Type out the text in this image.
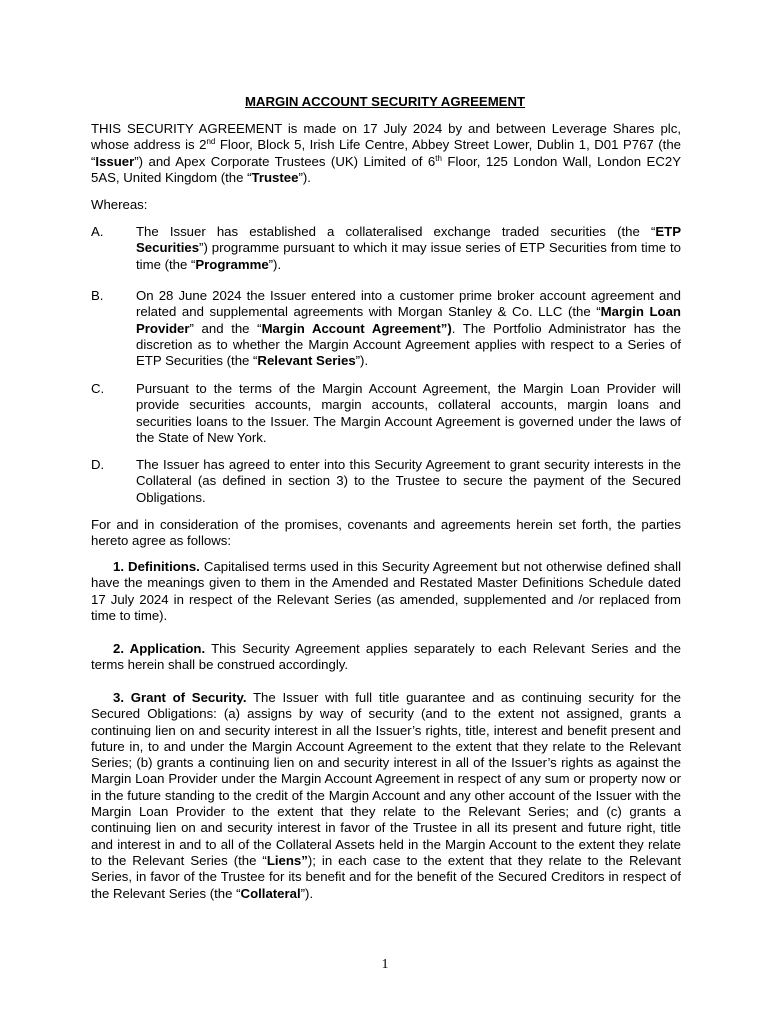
MARGIN ACCOUNT SECURITY AGREEMENT
THIS SECURITY AGREEMENT is made on 17 July 2024 by and between Leverage Shares plc, whose address is 2nd Floor, Block 5, Irish Life Centre, Abbey Street Lower, Dublin 1, D01 P767 (the “Issuer”) and Apex Corporate Trustees (UK) Limited of 6th Floor, 125 London Wall, London EC2Y 5AS, United Kingdom (the “Trustee”).
Whereas:
A.	The Issuer has established a collateralised exchange traded securities (the “ETP Securities”) programme pursuant to which it may issue series of ETP Securities from time to time (the “Programme”).
B.	On 28 June 2024 the Issuer entered into a customer prime broker account agreement and related and supplemental agreements with Morgan Stanley & Co. LLC (the “Margin Loan Provider” and the “Margin Account Agreement”). The Portfolio Administrator has the discretion as to whether the Margin Account Agreement applies with respect to a Series of ETP Securities (the “Relevant Series”).
C.	Pursuant to the terms of the Margin Account Agreement, the Margin Loan Provider will provide securities accounts, margin accounts, collateral accounts, margin loans and securities loans to the Issuer. The Margin Account Agreement is governed under the laws of the State of New York.
D.	The Issuer has agreed to enter into this Security Agreement to grant security interests in the Collateral (as defined in section 3) to the Trustee to secure the payment of the Secured Obligations.
For and in consideration of the promises, covenants and agreements herein set forth, the parties hereto agree as follows:
1. Definitions. Capitalised terms used in this Security Agreement but not otherwise defined shall have the meanings given to them in the Amended and Restated Master Definitions Schedule dated 17 July 2024 in respect of the Relevant Series (as amended, supplemented and /or replaced from time to time).
2. Application. This Security Agreement applies separately to each Relevant Series and the terms herein shall be construed accordingly.
3. Grant of Security. The Issuer with full title guarantee and as continuing security for the Secured Obligations: (a) assigns by way of security (and to the extent not assigned, grants a continuing lien on and security interest in all the Issuer’s rights, title, interest and benefit present and future in, to and under the Margin Account Agreement to the extent that they relate to the Relevant Series; (b) grants a continuing lien on and security interest in all of the Issuer’s rights as against the Margin Loan Provider under the Margin Account Agreement in respect of any sum or property now or in the future standing to the credit of the Margin Account and any other account of the Issuer with the Margin Loan Provider to the extent that they relate to the Relevant Series; and (c) grants a continuing lien on and security interest in favor of the Trustee in all its present and future right, title and interest in and to all of the Collateral Assets held in the Margin Account to the extent they relate to the Relevant Series (the “Liens”); in each case to the extent that they relate to the Relevant Series, in favor of the Trustee for its benefit and for the benefit of the Secured Creditors in respect of the Relevant Series (the “Collateral”).
1
